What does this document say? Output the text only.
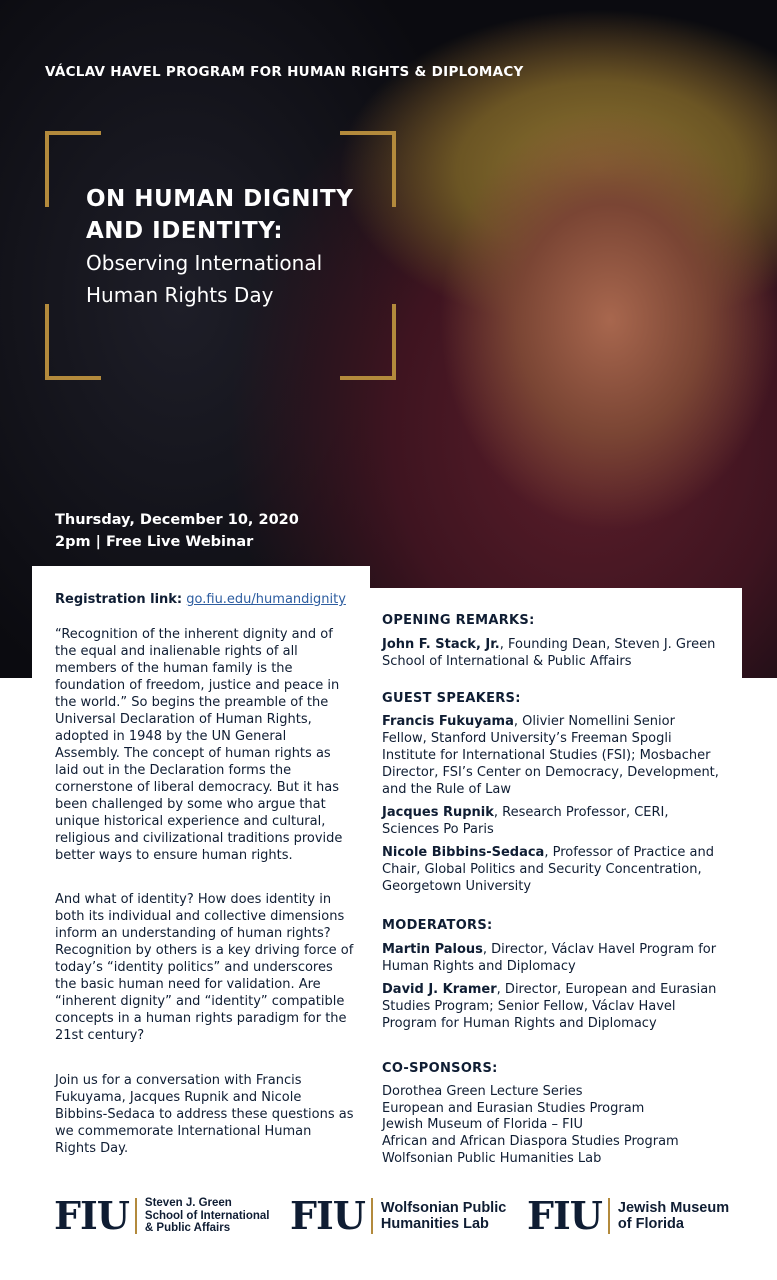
VÁCLAV HAVEL PROGRAM FOR HUMAN RIGHTS & DIPLOMACY

ON HUMAN DIGNITY
AND IDENTITY:
Observing International
Human Rights Day

Thursday, December 10, 2020

2pm | Free Live Webinar

Registration link: go.fiu.edu/humandignity

“Recognition of the inherent dignity and of the equal and inalienable rights of all members of the human family is the foundation of freedom, justice and peace in the world.” So begins the preamble of the Universal Declaration of Human Rights, adopted in 1948 by the UN General Assembly. The concept of human rights as laid out in the Declaration forms the cornerstone of liberal democracy. But it has been challenged by some who argue that unique historical experience and cultural, religious and civilizational traditions provide better ways to ensure human rights.

And what of identity? How does identity in both its individual and collective dimensions inform an understanding of human rights? Recognition by others is a key driving force of today’s “identity politics” and underscores the basic human need for validation. Are “inherent dignity” and “identity” compatible concepts in a human rights paradigm for the 21st century?

Join us for a conversation with Francis Fukuyama, Jacques Rupnik and Nicole Bibbins-Sedaca to address these questions as we commemorate International Human Rights Day.

OPENING REMARKS:

John F. Stack, Jr., Founding Dean, Steven J. Green School of International & Public Affairs

GUEST SPEAKERS:

Francis Fukuyama, Olivier Nomellini Senior Fellow, Stanford University’s Freeman Spogli Institute for International Studies (FSI); Mosbacher Director, FSI’s Center on Democracy, Development, and the Rule of Law

Jacques Rupnik, Research Professor, CERI, Sciences Po Paris

Nicole Bibbins-Sedaca, Professor of Practice and Chair, Global Politics and Security Concentration, Georgetown University

MODERATORS:

Martin Palous, Director, Václav Havel Program for Human Rights and Diplomacy

David J. Kramer, Director, European and Eurasian Studies Program; Senior Fellow, Václav Havel Program for Human Rights and Diplomacy

CO-SPONSORS:

Dorothea Green Lecture Series
European and Eurasian Studies Program
Jewish Museum of Florida – FIU
African and African Diaspora Studies Program
Wolfsonian Public Humanities Lab
FIU Steven J. Green
School of International
& Public Affairs	FIU Wolfsonian Public
Humanities Lab	FIU Jewish Museum
of Florida
